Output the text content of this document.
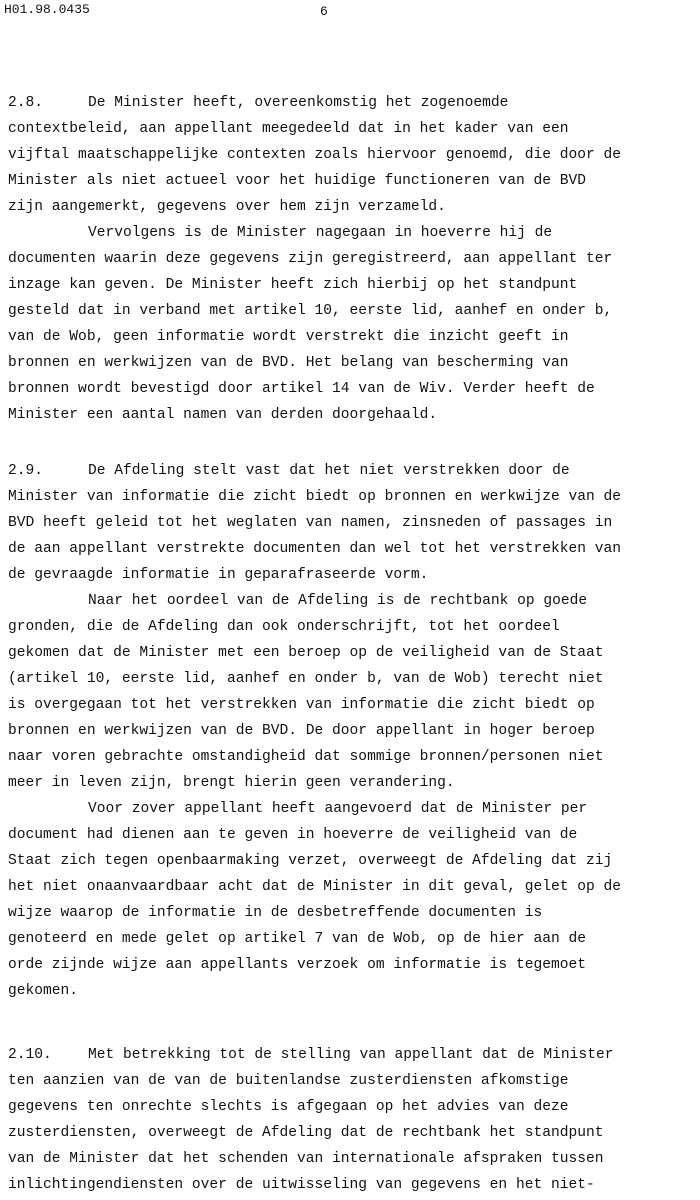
H01.98.0435	6
2.8.	De Minister heeft, overeenkomstig het zogenoemde
contextbeleid, aan appellant meegedeeld dat in het kader van een
vijftal maatschappelijke contexten zoals hiervoor genoemd, die door de
Minister als niet actueel voor het huidige functioneren van de BVD
zijn aangemerkt, gegevens over hem zijn verzameld.
Vervolgens is de Minister nagegaan in hoeverre hij de
documenten waarin deze gegevens zijn geregistreerd, aan appellant ter
inzage kan geven. De Minister heeft zich hierbij op het standpunt
gesteld dat in verband met artikel 10, eerste lid, aanhef en onder b,
van de Wob, geen informatie wordt verstrekt die inzicht geeft in
bronnen en werkwijzen van de BVD. Het belang van bescherming van
bronnen wordt bevestigd door artikel 14 van de Wiv. Verder heeft de
Minister een aantal namen van derden doorgehaald.
2.9.	De Afdeling stelt vast dat het niet verstrekken door de
Minister van informatie die zicht biedt op bronnen en werkwijze van de
BVD heeft geleid tot het weglaten van namen, zinsneden of passages in
de aan appellant verstrekte documenten dan wel tot het verstrekken van
de gevraagde informatie in geparafraseerde vorm.
Naar het oordeel van de Afdeling is de rechtbank op goede
gronden, die de Afdeling dan ook onderschrijft, tot het oordeel
gekomen dat de Minister met een beroep op de veiligheid van de Staat
(artikel 10, eerste lid, aanhef en onder b, van de Wob) terecht niet
is overgegaan tot het verstrekken van informatie die zicht biedt op
bronnen en werkwijzen van de BVD. De door appellant in hoger beroep
naar voren gebrachte omstandigheid dat sommige bronnen/personen niet
meer in leven zijn, brengt hierin geen verandering.
Voor zover appellant heeft aangevoerd dat de Minister per
document had dienen aan te geven in hoeverre de veiligheid van de
Staat zich tegen openbaarmaking verzet, overweegt de Afdeling dat zij
het niet onaanvaardbaar acht dat de Minister in dit geval, gelet op de
wijze waarop de informatie in de desbetreffende documenten is
genoteerd en mede gelet op artikel 7 van de Wob, op de hier aan de
orde zijnde wijze aan appellants verzoek om informatie is tegemoet
gekomen.
2.10. Met betrekking tot de stelling van appellant dat de Minister
ten aanzien van de van de buitenlandse zusterdiensten afkomstige
gegevens ten onrechte slechts is afgegaan op het advies van deze
zusterdiensten, overweegt de Afdeling dat de rechtbank het standpunt
van de Minister dat het schenden van internationale afspraken tussen
inlichtingendiensten over de uitwisseling van gegevens en het niet-
